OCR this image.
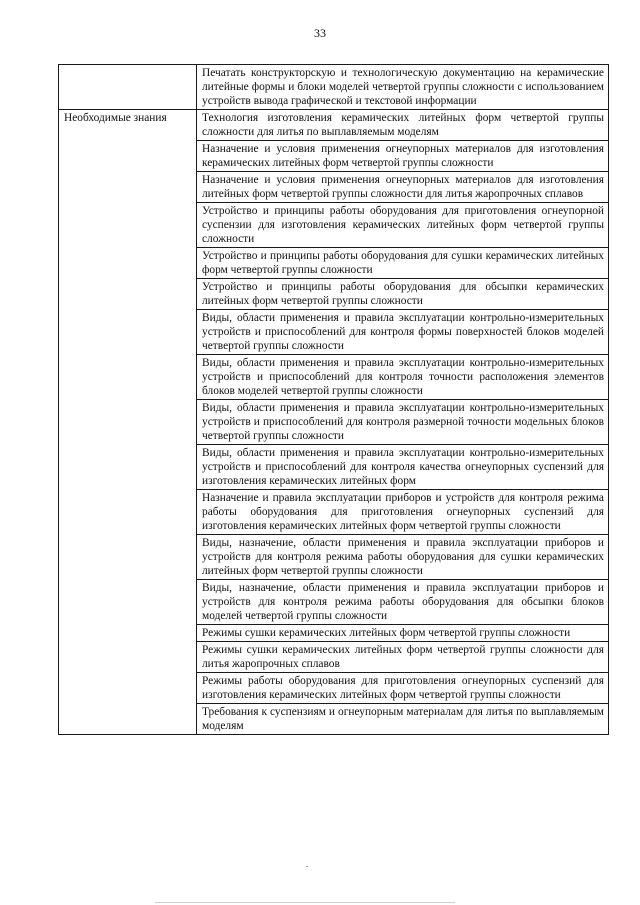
33
	Печатать конструкторскую и технологическую документацию на керамические литейные формы и блоки моделей четвертой группы сложности с использованием устройств вывода графической и текстовой информации
Необходимые знания	Технология изготовления керамических литейных форм четвертой группы сложности для литья по выплавляемым моделям
	Назначение и условия применения огнеупорных материалов для изготовления керамических литейных форм четвертой группы сложности
	Назначение и условия применения огнеупорных материалов для изготовления литейных форм четвертой группы сложности для литья жаропрочных сплавов
	Устройство и принципы работы оборудования для приготовления огнеупорной суспензии для изготовления керамических литейных форм четвертой группы сложности
	Устройство и принципы работы оборудования для сушки керамических литейных форм четвертой группы сложности
	Устройство и принципы работы оборудования для обсыпки керамических литейных форм четвертой группы сложности
	Виды, области применения и правила эксплуатации контрольно-измерительных устройств и приспособлений для контроля формы поверхностей блоков моделей четвертой группы сложности
	Виды, области применения и правила эксплуатации контрольно-измерительных устройств и приспособлений для контроля точности расположения элементов блоков моделей четвертой группы сложности
	Виды, области применения и правила эксплуатации контрольно-измерительных устройств и приспособлений для контроля размерной точности модельных блоков четвертой группы сложности
	Виды, области применения и правила эксплуатации контрольно-измерительных устройств и приспособлений для контроля качества огнеупорных суспензий для изготовления керамических литейных форм
	Назначение и правила эксплуатации приборов и устройств для контроля режима работы оборудования для приготовления огнеупорных суспензий для изготовления керамических литейных форм четвертой группы сложности
	Виды, назначение, области применения и правила эксплуатации приборов и устройств для контроля режима работы оборудования для сушки керамических литейных форм четвертой группы сложности
	Виды, назначение, области применения и правила эксплуатации приборов и устройств для контроля режима работы оборудования для обсыпки блоков моделей четвертой группы сложности
	Режимы сушки керамических литейных форм четвертой группы сложности
	Режимы сушки керамических литейных форм четвертой группы сложности для литья жаропрочных сплавов
	Режимы работы оборудования для приготовления огнеупорных суспензий для изготовления керамических литейных форм четвертой группы сложности
	Требования к суспензиям и огнеупорным материалам для литья по выплавляемым моделям
